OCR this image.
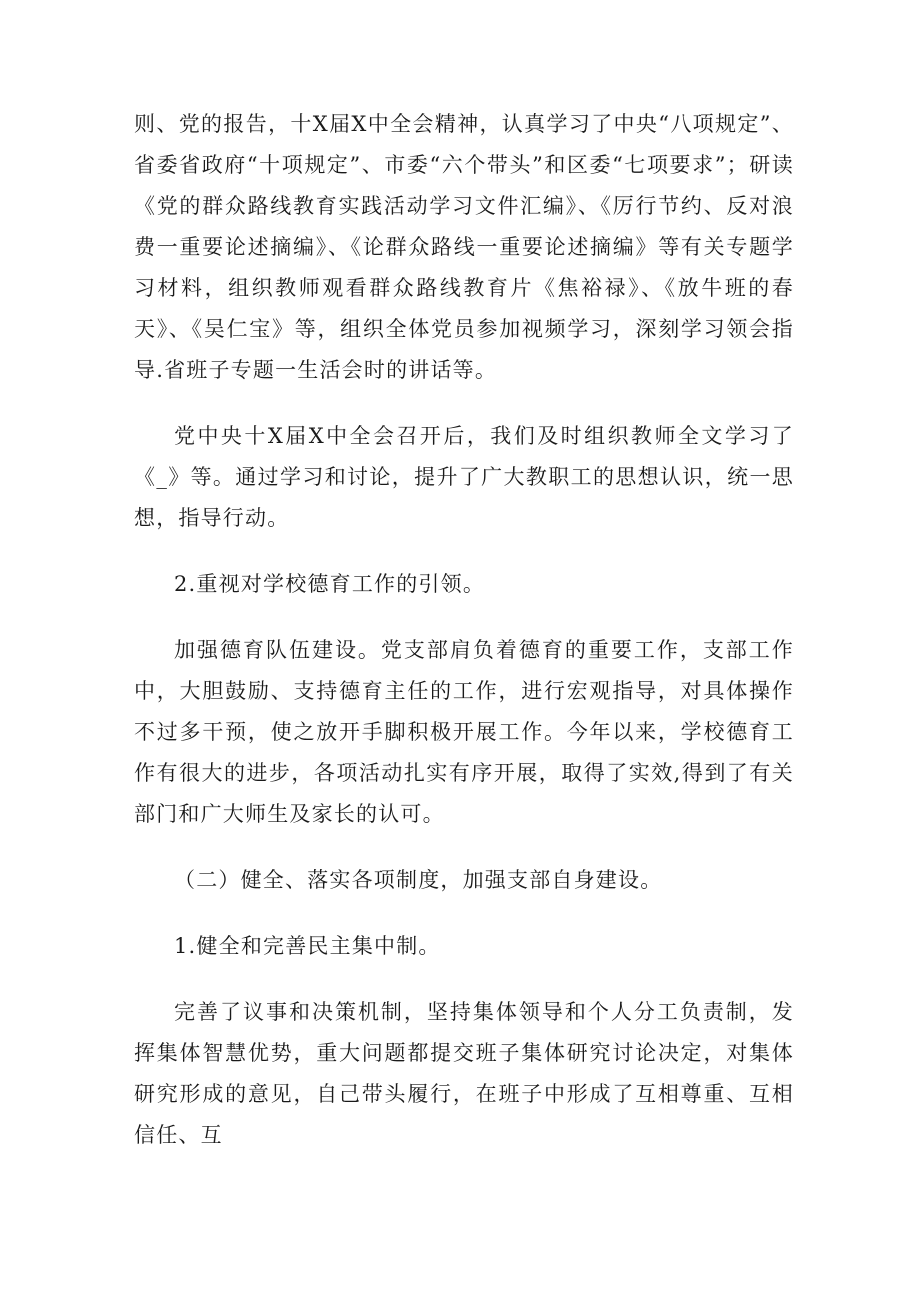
则、党的报告，十X届X中全会精神，认真学习了中央“八项规定”、省委省政府“十项规定”、市委“六个带头”和区委“七项要求”；研读《党的群众路线教育实践活动学习文件汇编》、《厉行节约、反对浪费一重要论述摘编》、《论群众路线一重要论述摘编》等有关专题学习材料，组织教师观看群众路线教育片《焦裕禄》、《放牛班的春天》、《吴仁宝》等，组织全体党员参加视频学习，深刻学习领会指导.省班子专题一生活会时的讲话等。

党中央十X届X中全会召开后，我们及时组织教师全文学习了《_》等。通过学习和讨论，提升了广大教职工的思想认识，统一思想，指导行动。

2.重视对学校德育工作的引领。

加强德育队伍建设。党支部肩负着德育的重要工作，支部工作中，大胆鼓励、支持德育主任的工作，进行宏观指导，对具体操作不过多干预，使之放开手脚积极开展工作。今年以来，学校德育工作有很大的进步，各项活动扎实有序开展，取得了实效,得到了有关部门和广大师生及家长的认可。

（二）健全、落实各项制度，加强支部自身建设。

1.健全和完善民主集中制。

完善了议事和决策机制，坚持集体领导和个人分工负责制，发挥集体智慧优势，重大问题都提交班子集体研究讨论决定，对集体研究形成的意见，自己带头履行，在班子中形成了互相尊重、互相信任、互
